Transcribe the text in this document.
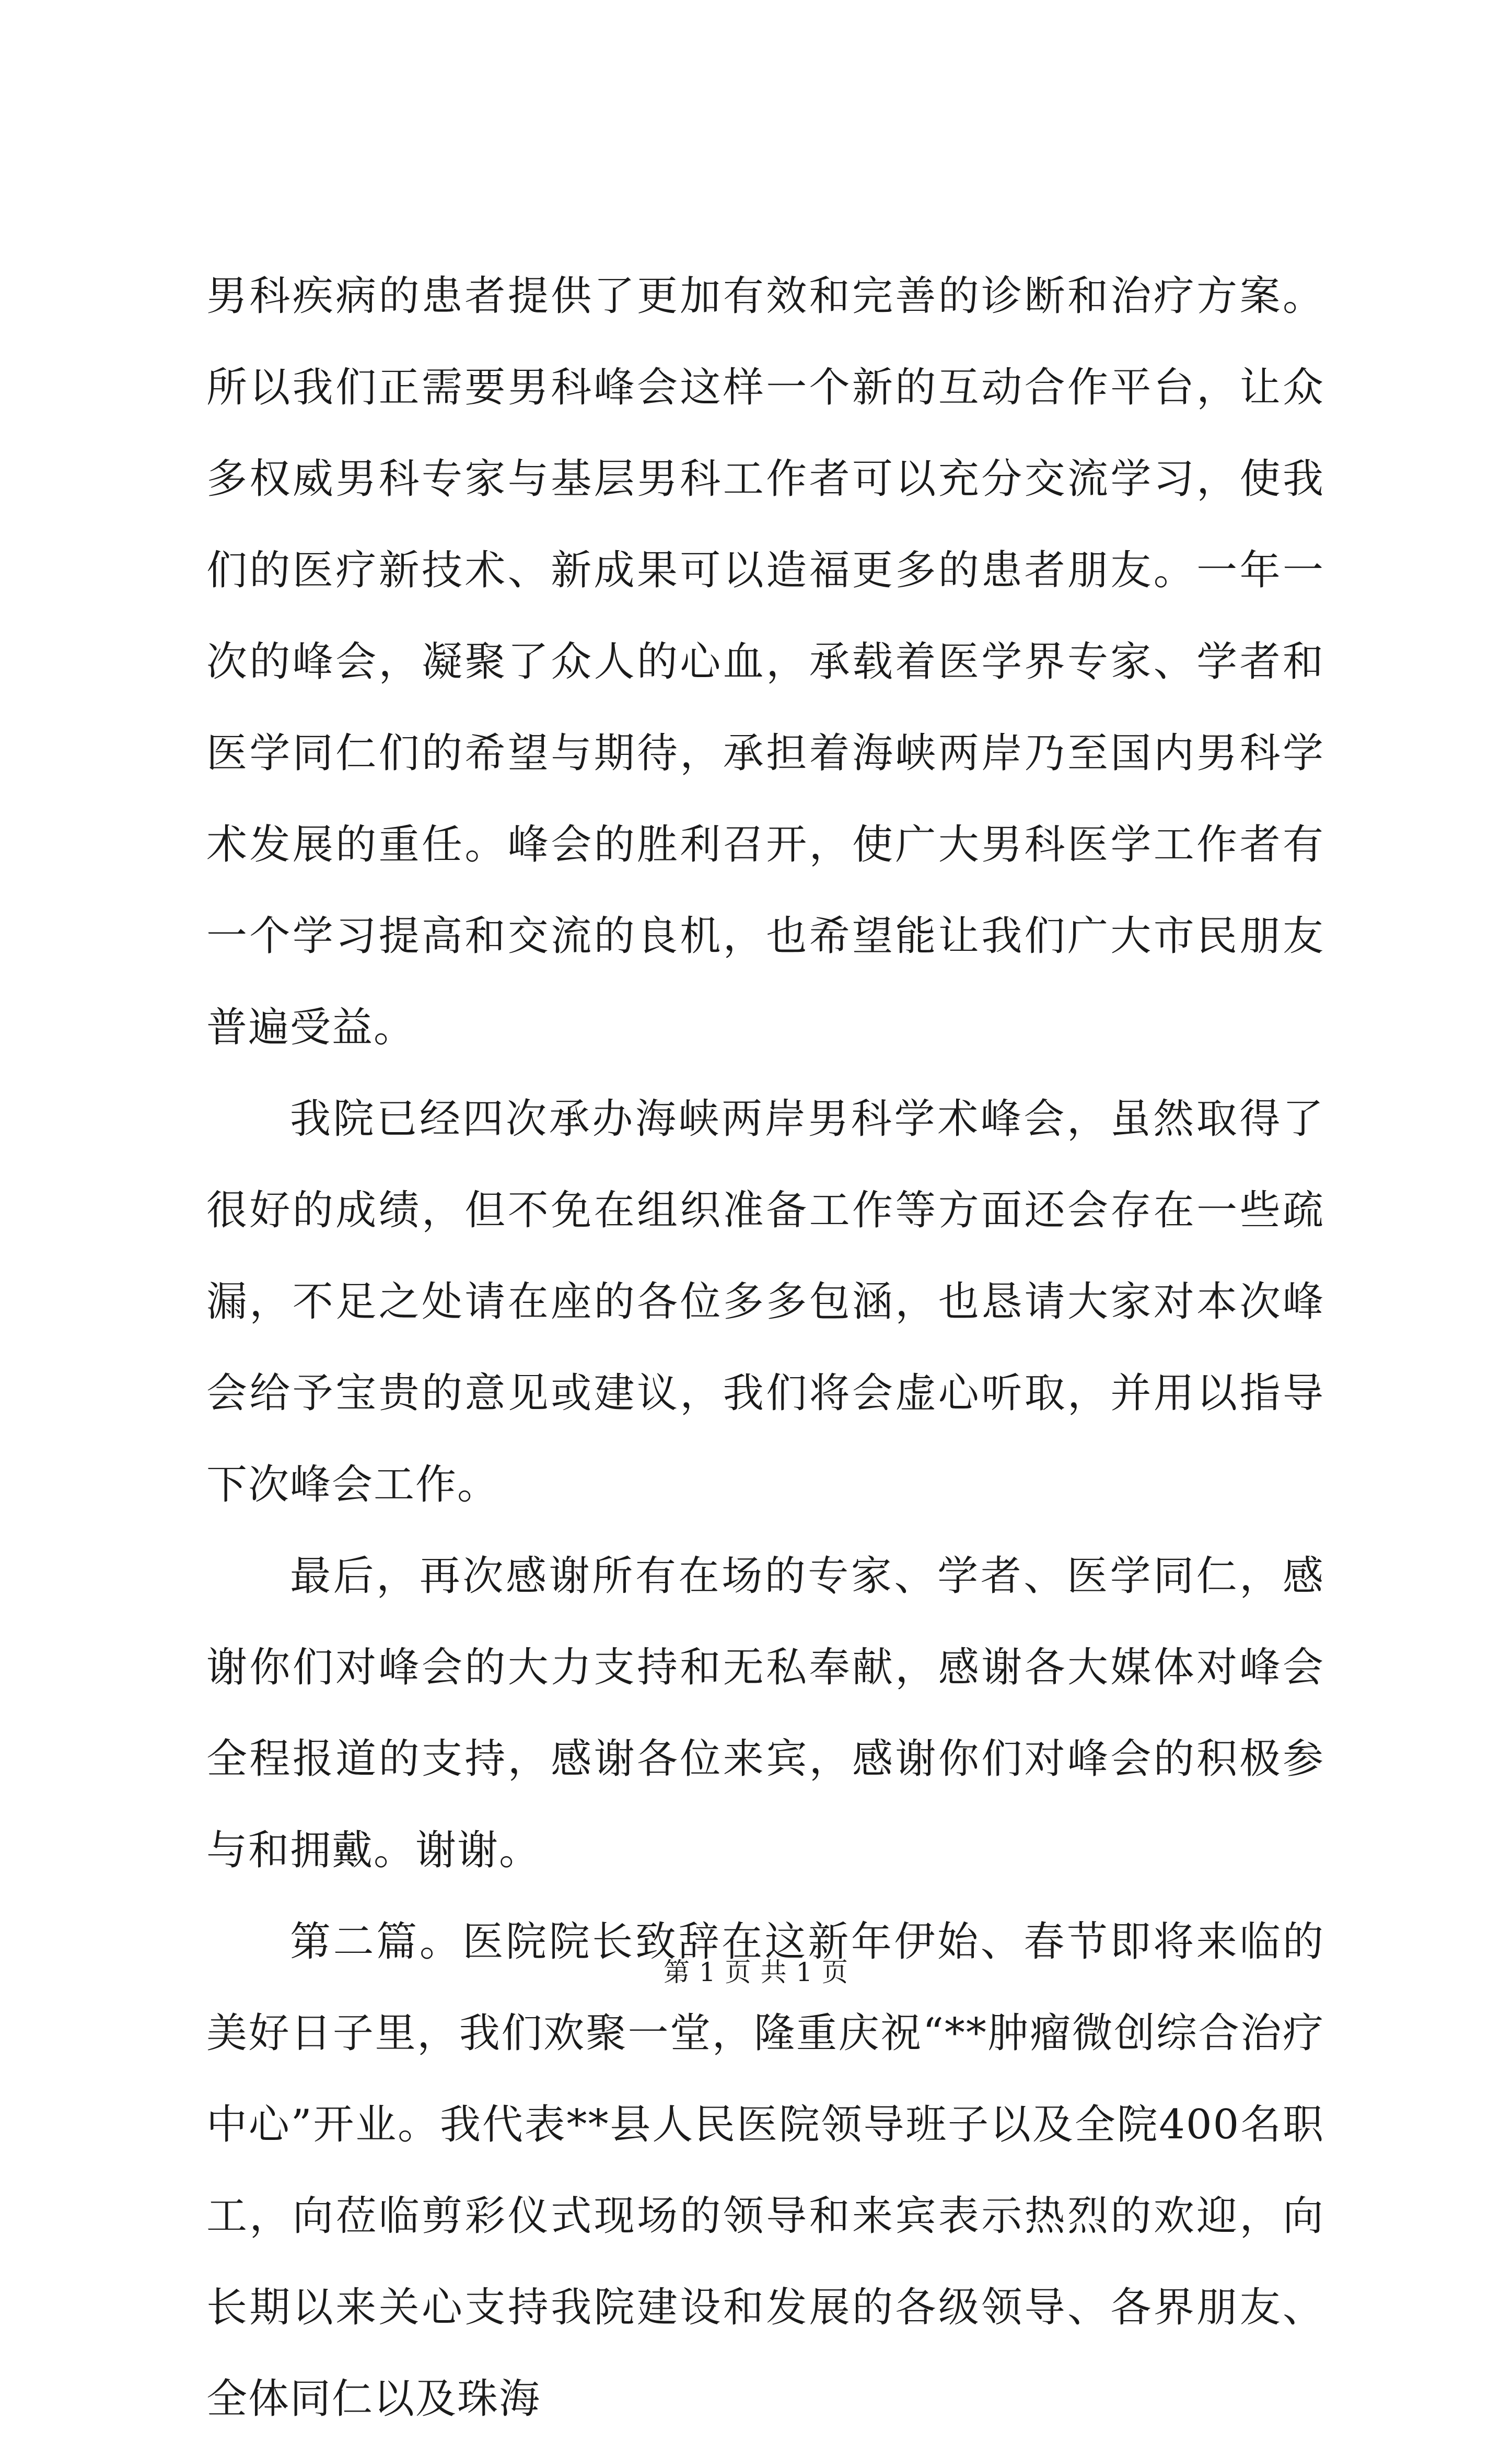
男科疾病的患者提供了更加有效和完善的诊断和治疗方案。所以我们正需要男科峰会这样一个新的互动合作平台，让众多权威男科专家与基层男科工作者可以充分交流学习，使我们的医疗新技术、新成果可以造福更多的患者朋友。一年一次的峰会，凝聚了众人的心血，承载着医学界专家、学者和医学同仁们的希望与期待，承担着海峡两岸乃至国内男科学术发展的重任。峰会的胜利召开，使广大男科医学工作者有一个学习提高和交流的良机，也希望能让我们广大市民朋友普遍受益。

我院已经四次承办海峡两岸男科学术峰会，虽然取得了很好的成绩，但不免在组织准备工作等方面还会存在一些疏漏，不足之处请在座的各位多多包涵，也恳请大家对本次峰会给予宝贵的意见或建议，我们将会虚心听取，并用以指导下次峰会工作。

最后，再次感谢所有在场的专家、学者、医学同仁，感谢你们对峰会的大力支持和无私奉献，感谢各大媒体对峰会全程报道的支持，感谢各位来宾，感谢你们对峰会的积极参与和拥戴。谢谢。

第二篇。医院院长致辞在这新年伊始、春节即将来临的美好日子里，我们欢聚一堂，隆重庆祝“**肿瘤微创综合治疗中心”开业。我代表**县人民医院领导班子以及全院400名职工，向莅临剪彩仪式现场的领导和来宾表示热烈的欢迎，向长期以来关心支持我院建设和发展的各级领导、各界朋友、全体同仁以及珠海

第 1 页 共 1 页
